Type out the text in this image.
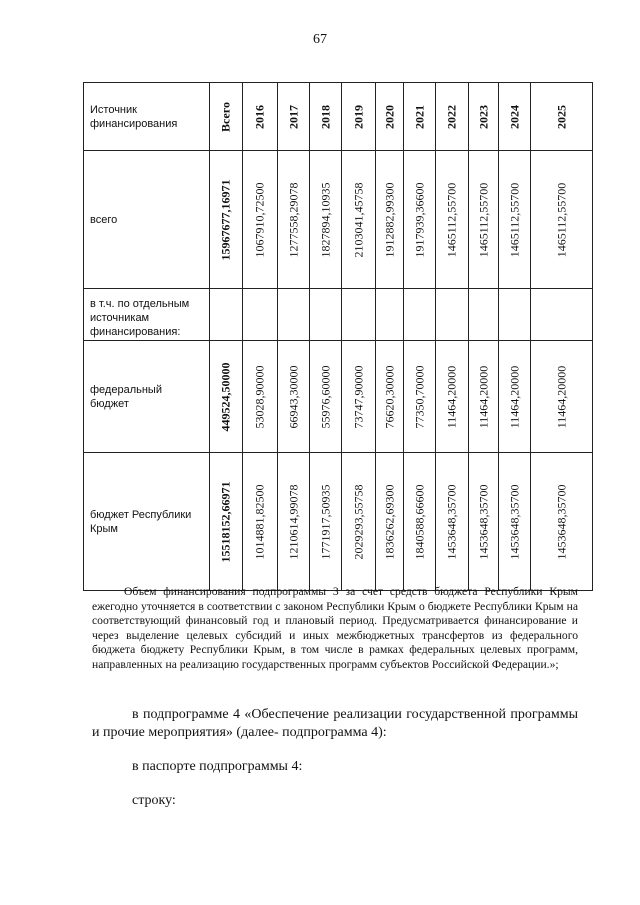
67
Источник финансирования	Всего	2016	2017	2018	2019	2020	2021	2022	2023	2024	2025

всего	15967677,16971	1067910,72500	1277558,29078	1827894,10935	2103041,45758	1912882,99300	1917939,36600	1465112,55700	1465112,55700	1465112,55700	1465112,55700

в т.ч. по отдельным источникам финансирования:	

федеральный бюджет	449524,50000	53028,90000	66943,30000	55976,60000	73747,90000	76620,30000	77350,70000	11464,20000	11464,20000	11464,20000	11464,20000

бюджет Республики Крым	15518152,66971	1014881,82500	1210614,99078	1771917,50935	2029293,55758	1836262,69300	1840588,66600	1453648,35700	1453648,35700	1453648,35700	1453648,35700

Объем финансирования подпрограммы 3 за счет средств бюджета Республики Крым ежегодно уточняется в соответствии с законом Республики Крым о бюджете Республики Крым на соответствующий финансовый год и плановый период. Предусматривается финансирование и через выделение целевых субсидий и иных межбюджетных трансфертов из федерального бюджета бюджету Республики Крым, в том числе в рамках федеральных целевых программ, направленных на реализацию государственных программ субъектов Российской Федерации.»;

в подпрограмме 4 «Обеспечение реализации государственной программы и прочие мероприятия» (далее- подпрограмма 4):

в паспорте подпрограммы 4:

строку:
